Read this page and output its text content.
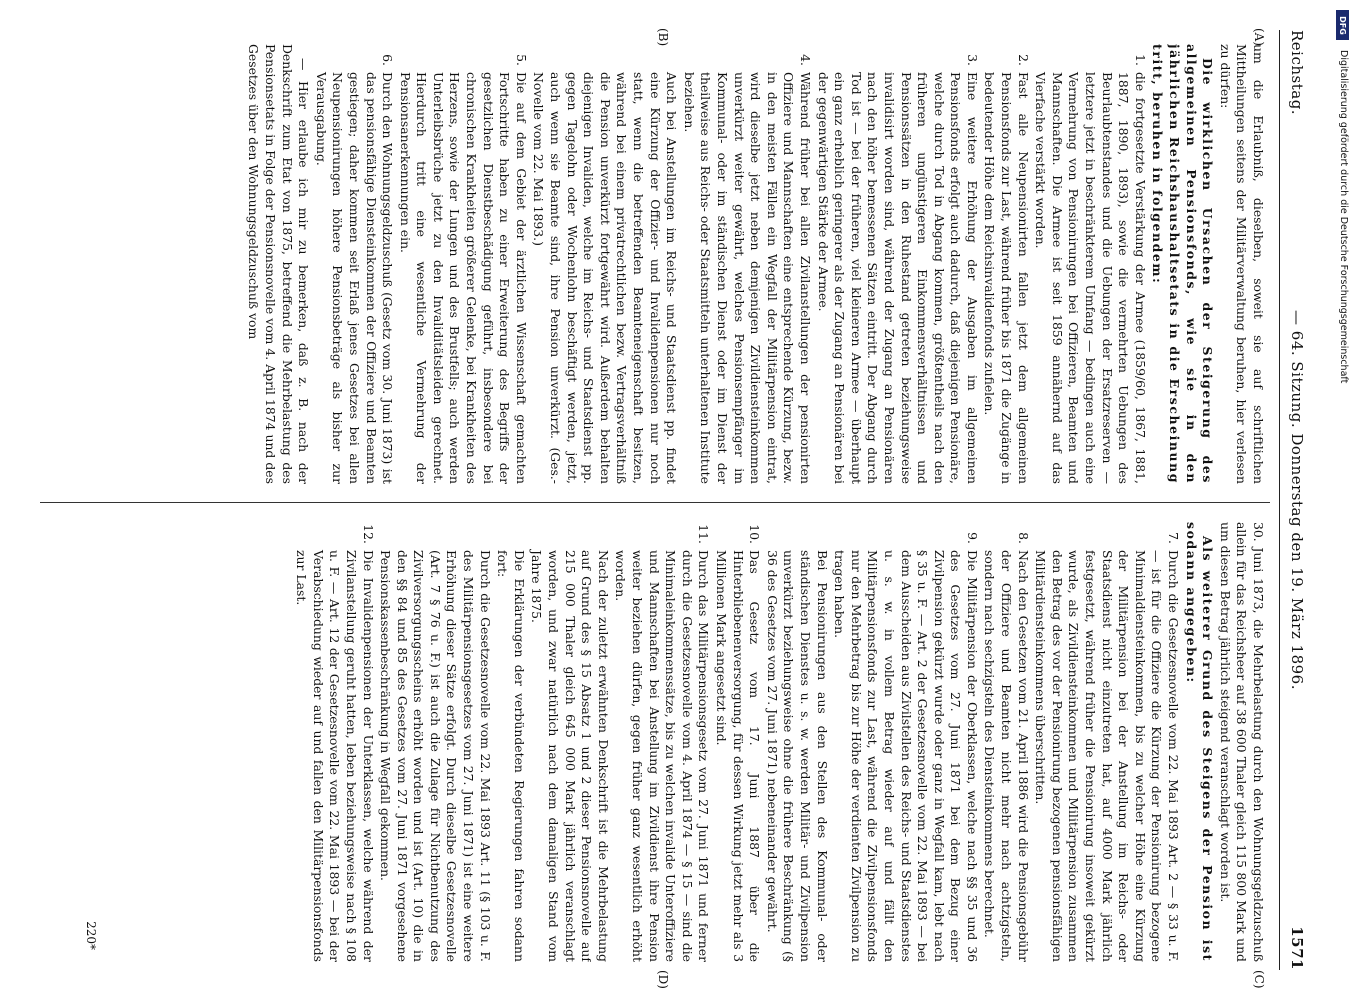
Reichstag.
— 64. Sitzung. Donnerstag den 19. März 1896.
1571
(A)
(B)
(C)
(D)

um die Erlaubniß, dieselben, soweit sie auf schriftlichen Mittheilungen seitens der Militärverwaltung beruhen, hier verlesen zu dürfen:

Die wirklichen Ursachen der Steigerung des allgemeinen Pensionsfonds, wie sie in den jährlichen Reichshaushaltsetats in die Erscheinung tritt, beruhen in folgendem:

1.
die fortgesetzte Verstärkung der Armee (1859/60, 1867, 1881, 1887, 1890, 1893), sowie die vermehrten Uebungen des Beurlaubtenstandes und die Uebungen der Ersatzreserven — letztere jetzt in beschränkterem Umfang — bedingen auch eine Vermehrung von Pensionirungen bei Offizieren, Beamten und Mannschaften. Die Armee ist seit 1859 annähernd auf das Vierfache verstärkt worden.
2.
Fast alle Neupensionirten fallen jetzt dem allgemeinen Pensionsfonds zur Last, während früher bis 1871 die Zugänge in bedeutender Höhe dem Reichsinvalidenfonds zufielen.
3.
Eine weitere Erhöhung der Ausgaben im allgemeinen Pensionsfonds erfolgt auch dadurch, daß diejenigen Pensionäre, welche durch Tod in Abgang kommen, größtentheils nach den früheren ungünstigeren Einkommensverhältnissen und Pensionssätzen in den Ruhestand getreten beziehungsweise invalidisirt worden sind, während der Zugang an Pensionären nach den höher bemessenen Sätzen eintritt. Der Abgang durch Tod ist — bei der früheren, viel kleineren Armee — überhaupt ein ganz erheblich geringerer als der Zugang an Pensionären bei der gegenwärtigen Stärke der Armee.
4.
Während früher bei allen Zivilanstellungen der pensionirten Offiziere und Mannschaften eine entsprechende Kürzung, bezw. in den meisten Fällen ein Wegfall der Militärpension eintrat, wird dieselbe jetzt neben demjenigen Zivildiensteinkommen unverkürzt weiter gewährt, welches Pensionsempfänger im Kommunal- oder im ständischen Dienst oder im Dienst der theilweise aus Reichs- oder Staatsmitteln unterhaltenen Institute beziehen.
Auch bei Anstellungen im Reichs- und Staatsdienst pp. findet eine Kürzung der Offizier- und Invalidenpensionen nur noch statt, wenn die betreffenden Beamteneigenschaft besitzen, während bei einem privatrechtlichen bezw. Vertragsverhältniß die Pension unverkürzt fortgewährt wird. Außerdem behalten diejenigen Invaliden, welche im Reichs- und Staatsdienst pp. gegen Tagelohn oder Wochenlohn beschäftigt werden, jetzt, auch wenn sie Beamte sind, ihre Pension unverkürzt. (Ges.-Novelle vom 22. Mai 1893.)
5.
Die auf dem Gebiet der ärztlichen Wissenschaft gemachten Fortschritte haben zu einer Erweiterung des Begriffs der gesetzlichen Dienstbeschädigung geführt, insbesondere bei chronischen Krankheiten größerer Gelenke, bei Krankheiten des Herzens, sowie der Lungen und des Brustfells; auch werden Unterleibsbrüche jetzt zu den Invaliditätsleiden gerechnet. Hierdurch tritt eine wesentliche Vermehrung der Pensionsanerkennungen ein.
6.
Durch den Wohnungsgeldzuschuß (Gesetz vom 30. Juni 1873) ist das pensionsfähige Diensteinkommen der Offiziere und Beamten gestiegen; daher kommen seit Erlaß jenes Gesetzes bei allen Neupensionirungen höhere Pensionsbeträge als bisher zur Verausgabung.

— Hier erlaube ich mir zu bemerken, daß z. B. nach der Denkschrift zum Etat von 1875, betreffend die Mehrbelastung des Pensionsetats in Folge der Pensionsnovelle vom 4. April 1874 und des Gesetzes über den Wohnungsgeldzuschuß vom

30. Juni 1873, die Mehrbelastung durch den Wohnungsgeldzuschuß allein für das Reichsheer auf 38 600 Thaler gleich 115 800 Mark und um diesen Betrag jährlich steigend veranschlagt worden ist.

Als weiterer Grund des Steigens der Pension ist sodann angegeben:

7.
Durch die Gesetzesnovelle vom 22. Mai 1893 Art. 2 — § 33 u. F. — ist für die Offiziere die Kürzung der Pensionirung bezogene Minimaldiensteinkommen, bis zu welcher Höhe eine Kürzung der Militärpension bei der Anstellung im Reichs- oder Staatsdienst nicht einzutreten hat, auf 4000 Mark jährlich festgesetzt, während früher die Pensionirung insoweit gekürzt wurde, als Zivildiensteinkommen und Militärpension zusammen den Betrag des vor der Pensionirung bezogenen pensionsfähigen Militärdiensteinkommens überschritten.
8.
Nach den Gesetzen vom 21. April 1886 wird die Pensionsgebühr der Offiziere und Beamten nicht mehr nach achtzigsteln, sondern nach sechzigsteln des Diensteinkommens berechnet.
9.
Die Militärpension der Oberklassen, welche nach §§ 35 und 36 des Gesetzes vom 27. Juni 1871 bei dem Bezug einer Zivilpension gekürzt wurde oder ganz in Wegfall kam, lebt nach § 35 u. F. — Art. 2 der Gesetzesnovelle vom 22. Mai 1893 — bei dem Ausscheiden aus Zivilstellen des Reichs- und Staatsdienstes u. s. w. in vollem Betrag wieder auf und fällt den Militärpensionsfonds zur Last, während die Zivilpensionsfonds nur den Mehrbetrag bis zur Höhe der verdienten Zivilpension zu tragen haben.
Bei Pensionirungen aus den Stellen des Kommunal- oder ständischen Dienstes u. s. w. werden Militär- und Zivilpension unverkürzt beziehungsweise ohne die frühere Beschränkung (§ 36 des Gesetzes vom 27. Juni 1871) nebeneinander gewährt.
10.
Das Gesetz vom 17. Juni 1887 über die Hinterbliebenenversorgung, für dessen Wirkung jetzt mehr als 3 Millionen Mark angesetzt sind.
11.
Durch das Militärpensionsgesetz vom 27. Juni 1871 und ferner durch die Gesetzesnovelle vom 4. April 1874 — § 15 — sind die Minimaleinkommenssätze, bis zu welchen invalide Unteroffiziere und Mannschaften bei Anstellung im Zivildienst ihre Pension weiter beziehen dürfen, gegen früher ganz wesentlich erhöht worden.
Nach der zuletzt erwähnten Denkschrift ist die Mehrbelastung auf Grund des § 15 Absatz 1 und 2 dieser Pensionsnovelle auf 215 000 Thaler gleich 645 000 Mark jährlich veranschlagt worden, und zwar natürlich nach dem damaligen Stand vom Jahre 1875.
Die Erklärungen der verbündeten Regierungen fahren sodann fort:
Durch die Gesetzesnovelle vom 22. Mai 1893 Art. 11 (§ 103 u. F. des Militärpensionsgesetzes vom 27. Juni 1871) ist eine weitere Erhöhung dieser Sätze erfolgt. Durch dieselbe Gesetzesnovelle (Art. 7 § 76 u. F.) ist auch die Zulage für Nichtbenutzung des Zivilversorgungsscheins erhöht worden und ist (Art. 10) die in den §§ 84 und 85 des Gesetzes vom 27. Juni 1871 vorgesehene Pensionskassenbeschränkung in Wegfall gekommen.
12.
Die Invalidenpensionen der Unterklassen, welche während der Zivilanstellung geruht hatten, leben beziehungsweise nach § 108 u. F. — Art. 12 der Gesetzesnovelle vom 22. Mai 1893 — bei der Verabschiedung wieder auf und fallen den Militärpensionsfonds zur Last.
220*
DFG
Digitalisierung gefördert durch die Deutsche Forschungsgemeinschaft
